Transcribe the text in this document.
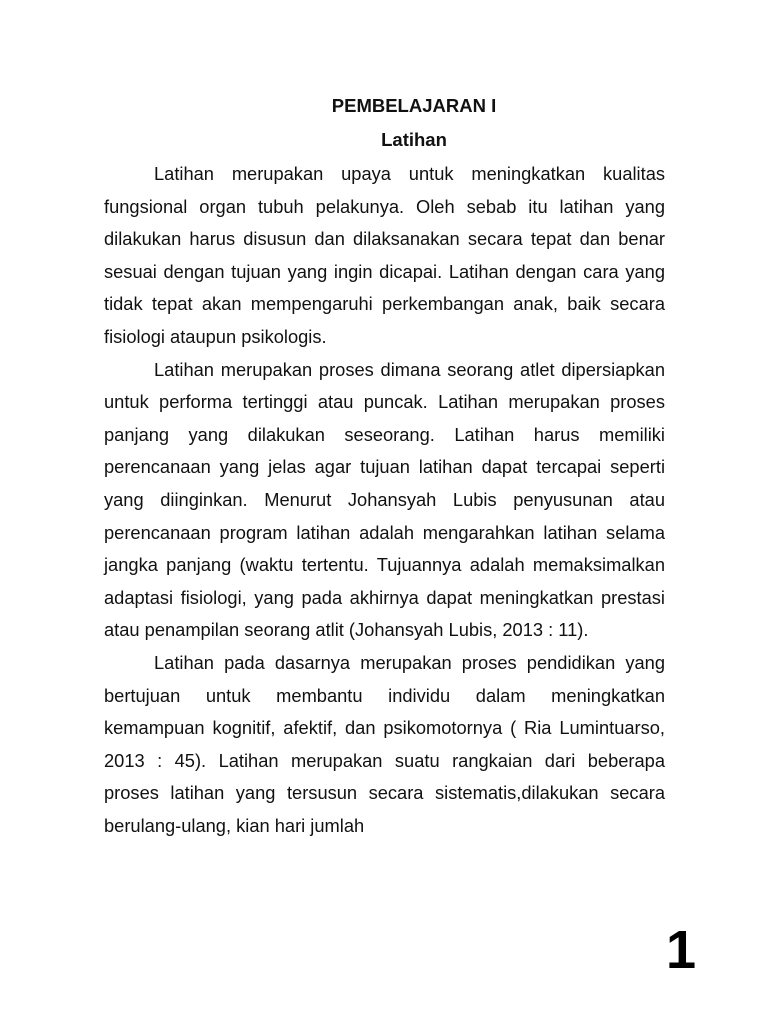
PEMBELAJARAN I
Latihan

Latihan merupakan upaya untuk meningkatkan kualitas fungsional organ tubuh pelakunya. Oleh sebab itu latihan yang dilakukan harus disusun dan dilaksanakan secara tepat dan benar sesuai dengan tujuan yang ingin dicapai. Latihan dengan cara yang tidak tepat akan mempengaruhi perkembangan anak, baik secara fisiologi ataupun psikologis.

Latihan merupakan proses dimana seorang atlet dipersiapkan untuk performa tertinggi atau puncak. Latihan merupakan proses panjang yang dilakukan seseorang. Latihan harus memiliki perencanaan yang jelas agar tujuan latihan dapat tercapai seperti yang diinginkan. Menurut Johansyah Lubis penyusunan atau perencanaan program latihan adalah mengarahkan latihan selama jangka panjang (waktu tertentu. Tujuannya adalah memaksimalkan adaptasi fisiologi, yang pada akhirnya dapat meningkatkan prestasi atau penampilan seorang atlit (Johansyah Lubis, 2013 : 11).

Latihan pada dasarnya merupakan proses pendidikan yang bertujuan untuk membantu individu dalam meningkatkan kemampuan kognitif, afektif, dan psikomotornya ( Ria Lumintuarso, 2013 : 45). Latihan merupakan suatu rangkaian dari beberapa proses latihan yang tersusun secara sistematis,dilakukan secara berulang-ulang, kian hari jumlah

1
